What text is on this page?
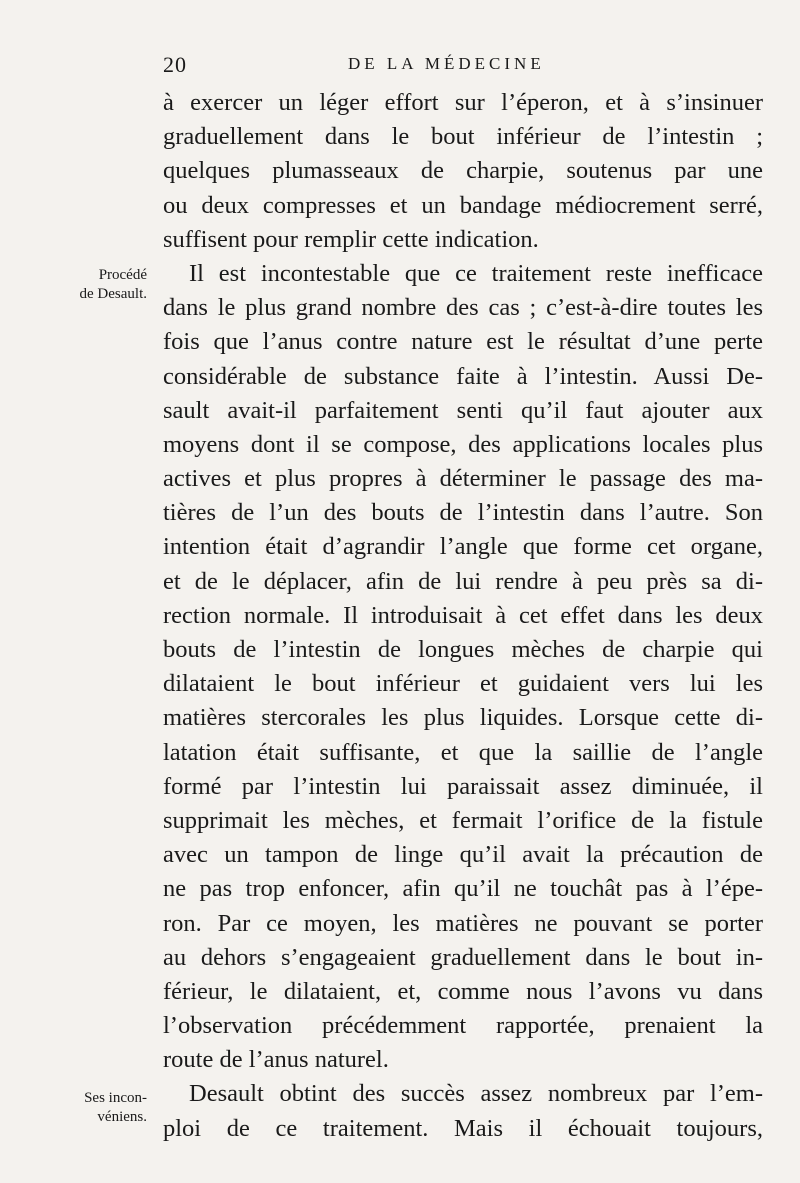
20	DE LA MÉDECINE
Procédé
de Desault.
Ses incon-
véniens.
à exercer un léger effort sur l’éperon, et à s’insinuer
graduellement dans le bout inférieur de l’intestin ;
quelques plumasseaux de charpie, soutenus par une
ou deux compresses et un bandage médiocrement serré,
suffisent pour remplir cette indication.
Il est incontestable que ce traitement reste inefficace
dans le plus grand nombre des cas ; c’est-à-dire toutes les
fois que l’anus contre nature est le résultat d’une perte
considérable de substance faite à l’intestin. Aussi De-
sault avait-il parfaitement senti qu’il faut ajouter aux
moyens dont il se compose, des applications locales plus
actives et plus propres à déterminer le passage des ma-
tières de l’un des bouts de l’intestin dans l’autre. Son
intention était d’agrandir l’angle que forme cet organe,
et de le déplacer, afin de lui rendre à peu près sa di-
rection normale. Il introduisait à cet effet dans les deux
bouts de l’intestin de longues mèches de charpie qui
dilataient le bout inférieur et guidaient vers lui les
matières stercorales les plus liquides. Lorsque cette di-
latation était suffisante, et que la saillie de l’angle
formé par l’intestin lui paraissait assez diminuée, il
supprimait les mèches, et fermait l’orifice de la fistule
avec un tampon de linge qu’il avait la précaution de
ne pas trop enfoncer, afin qu’il ne touchât pas à l’épe-
ron. Par ce moyen, les matières ne pouvant se porter
au dehors s’engageaient graduellement dans le bout in-
férieur, le dilataient, et, comme nous l’avons vu dans
l’observation précédemment rapportée, prenaient la
route de l’anus naturel.
Desault obtint des succès assez nombreux par l’em-
ploi de ce traitement. Mais il échouait toujours,
